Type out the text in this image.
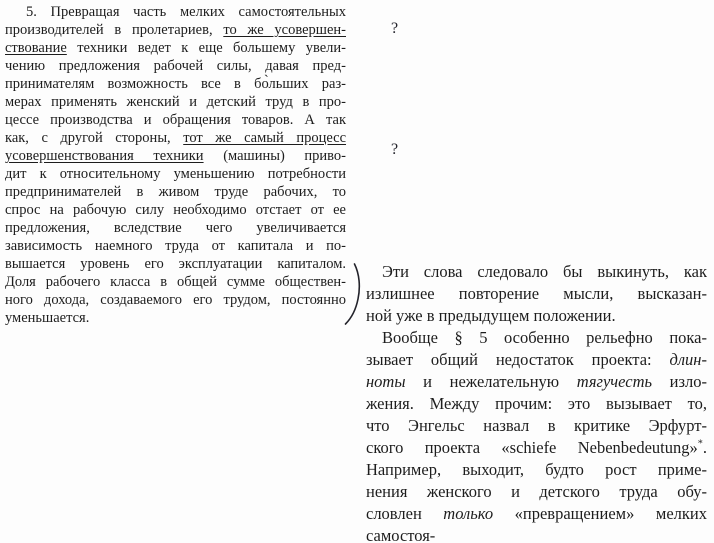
5. Превращая часть мелких самостоятельных
производителей в пролетариев, то же усовершен-
ствование техники ведет к еще большему увели-
чению предложения рабочей силы, давая пред-
принимателям возможность все в бо̀льших раз-
мерах применять женский и детский труд в про-
цессе производства и обращения товаров. А так
как, с другой стороны, тот же самый процесс
усовершенствования техники (машины) приво-
дит к относительному уменьшению потребности
предпринимателей в живом труде рабочих, то
спрос на рабочую силу необходимо отстает от ее
предложения, вследствие чего увеличивается
зависимость наемного труда от капитала и по-
вышается уровень его эксплуатации капиталом.
Доля рабочего класса в общей сумме обществен-
ного дохода, создаваемого его трудом, постоянно
уменьшается.
?
?
Эти слова следовало бы выкинуть, как
излишнее повторение мысли, высказан-
ной уже в предыдущем положении.
Вообще § 5 особенно рельефно пока-
зывает общий недостаток проекта: длин-
ноты и нежелательную тягучесть изло-
жения. Между прочим: это вызывает то,
что Энгельс назвал в критике Эрфурт-
ского проекта «schiefe Nebenbedeutung»*.
Например, выходит, будто рост приме-
нения женского и детского труда обу-
словлен только «превращением» мелких
самостоя-
